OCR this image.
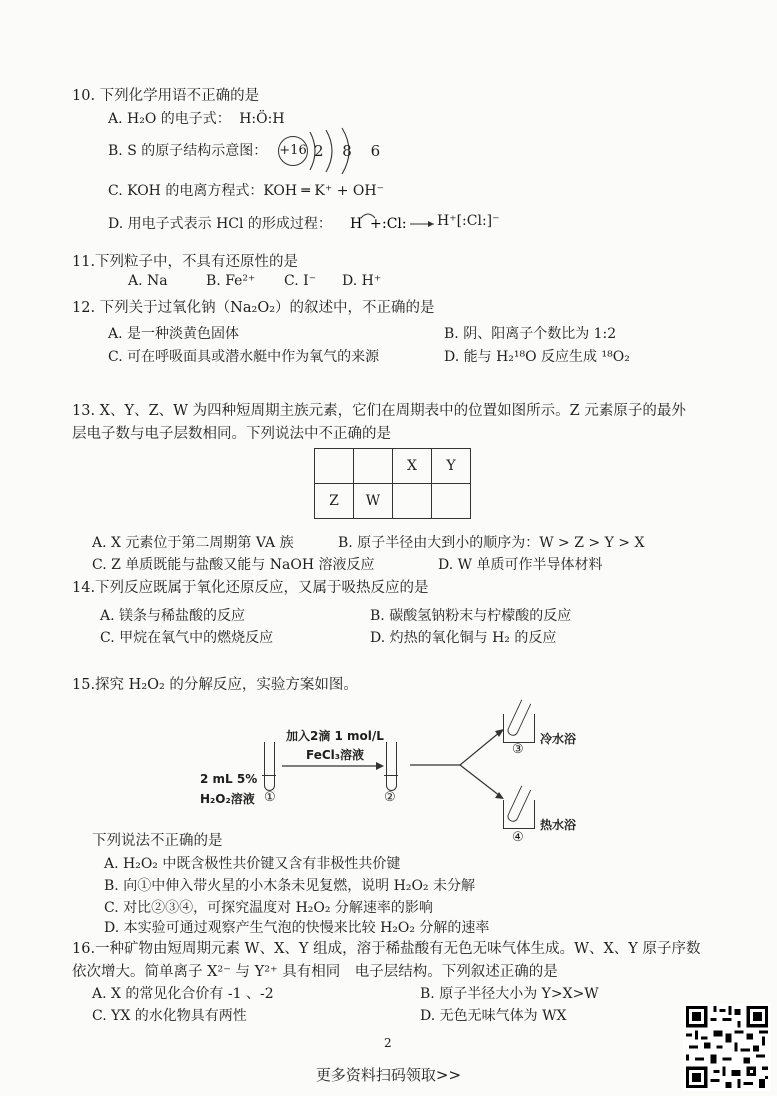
10. 下列化学用语不正确的是
A. H₂O 的电子式： H:Ö:H
B. S 的原子结构示意图： +16 2 8 6
C. KOH 的电离方程式：KOH ═ K⁺ + OH⁻
D. 用电子式表示 HCl 的形成过程： H + :Cl: H⁺[:Cl:]⁻
11.下列粒子中，不具有还原性的是
A. Na	B. Fe²⁺ C. I⁻ D. H⁺
12. 下列关于过氧化钠（Na₂O₂）的叙述中，不正确的是
A. 是一种淡黄色固体	B. 阴、阳离子个数比为 1:2
C. 可在呼吸面具或潜水艇中作为氧气的来源	D. 能与 H₂¹⁸O 反应生成 ¹⁸O₂
13. X、Y、Z、W 为四种短周期主族元素，它们在周期表中的位置如图所示。Z 元素原子的最外
层电子数与电子层数相同。下列说法中不正确的是
		X	Y
Z	W		
A. X 元素位于第二周期第 VA 族	B. 原子半径由大到小的顺序为：W > Z > Y > X
C. Z 单质既能与盐酸又能与 NaOH 溶液反应	D. W 单质可作半导体材料
14.下列反应既属于氧化还原反应，又属于吸热反应的是
A. 镁条与稀盐酸的反应	B. 碳酸氢钠粉末与柠檬酸的反应
C. 甲烷在氧气中的燃烧反应	D. 灼热的氧化铜与 H₂ 的反应
15.探究 H₂O₂ 的分解反应，实验方案如图。
加入2滴 1 mol/L
FeCl₃溶液
2 mL 5%
H₂O₂溶液 ①	②
③
冷水浴
④
热水浴
下列说法不正确的是
A. H₂O₂ 中既含极性共价键又含有非极性共价键
B. 向①中伸入带火星的小木条未见复燃，说明 H₂O₂ 未分解
C. 对比②③④，可探究温度对 H₂O₂ 分解速率的影响
D. 本实验可通过观察产生气泡的快慢来比较 H₂O₂ 分解的速率
16.一种矿物由短周期元素 W、X、Y 组成，溶于稀盐酸有无色无味气体生成。W、X、Y 原子序数
依次增大。简单离子 X²⁻ 与 Y²⁺ 具有相同　电子层结构。下列叙述正确的是
A. X 的常见化合价有 -1 、-2	B. 原子半径大小为 Y>X>W
C. YX 的水化物具有两性	D. 无色无味气体为 WX
2
更多资料扫码领取>>
